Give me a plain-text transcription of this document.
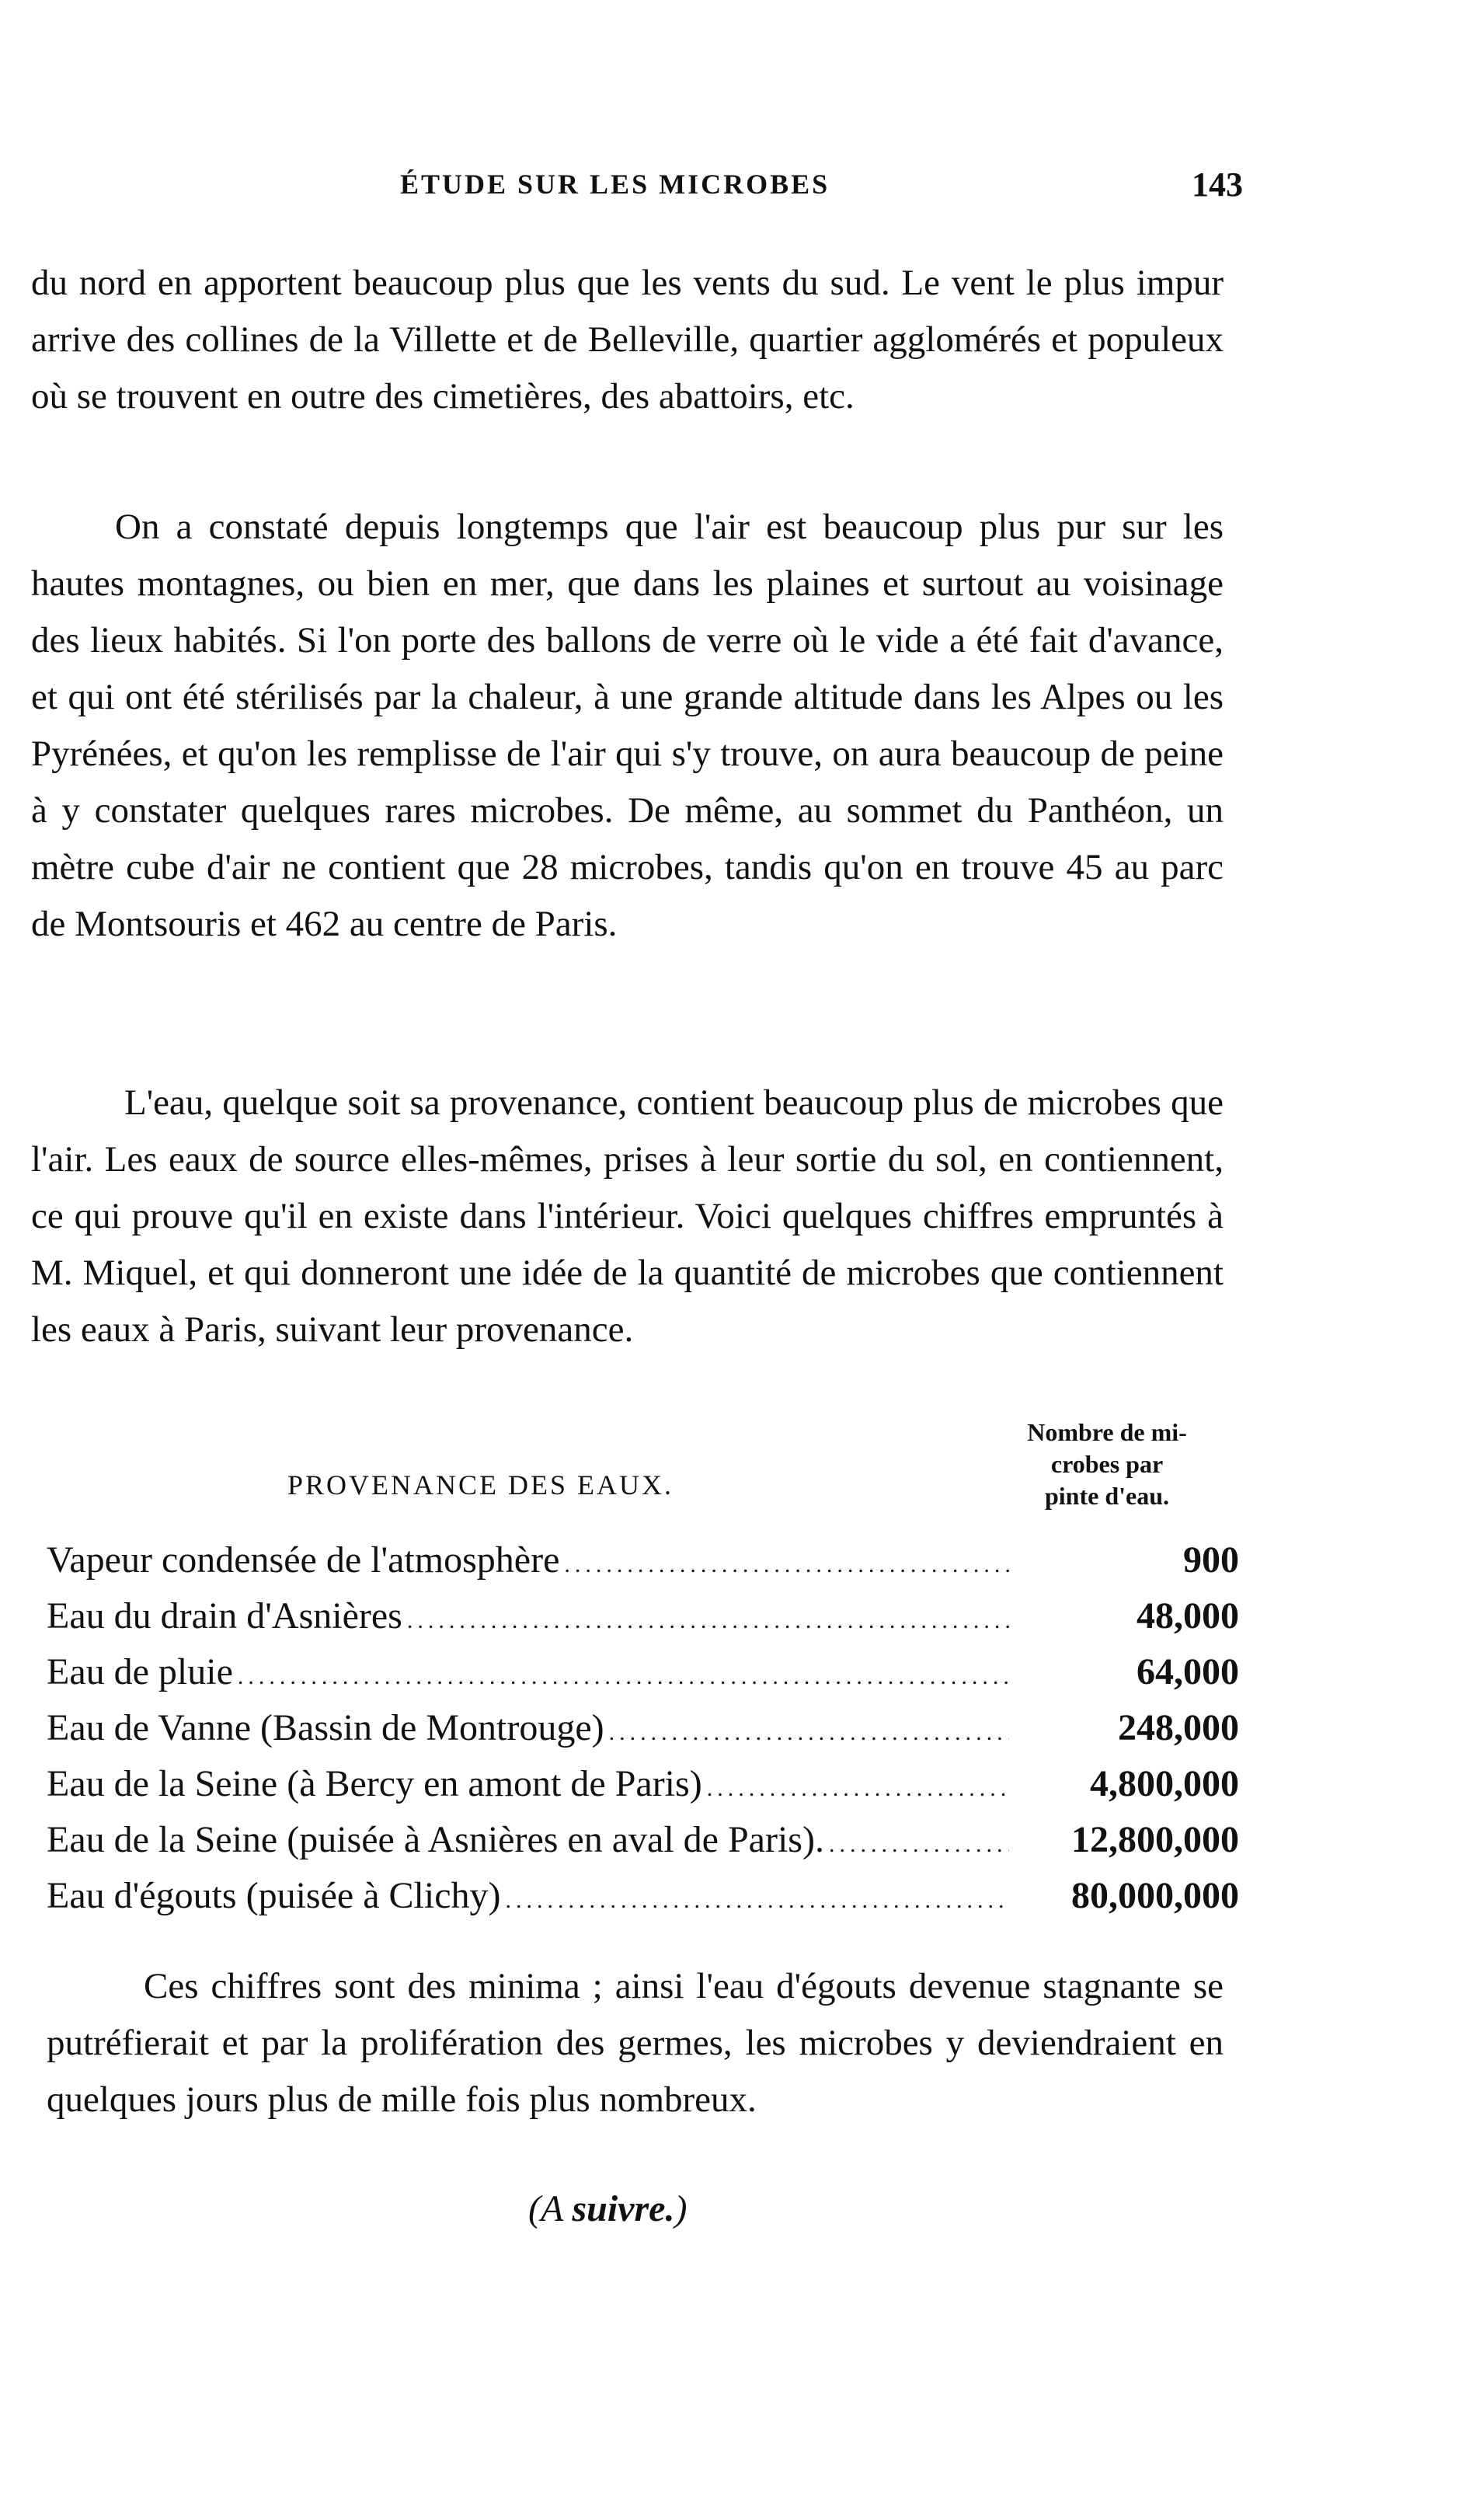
ÉTUDE SUR LES MICROBES	143

du nord en apportent beaucoup plus que les vents du sud. Le vent le plus impur arrive des collines de la Villette et de Belleville, quartier agglomérés et populeux où se trouvent en outre des cimetières, des abattoirs, etc.

On a constaté depuis longtemps que l'air est beaucoup plus pur sur les hautes montagnes, ou bien en mer, que dans les plaines et surtout au voisinage des lieux habités. Si l'on porte des ballons de verre où le vide a été fait d'avance, et qui ont été stérilisés par la chaleur, à une grande altitude dans les Alpes ou les Pyrénées, et qu'on les remplisse de l'air qui s'y trouve, on aura beaucoup de peine à y constater quelques rares microbes. De même, au sommet du Panthéon, un mètre cube d'air ne contient que 28 microbes, tandis qu'on en trouve 45 au parc de Montsouris et 462 au centre de Paris.

L'eau, quelque soit sa provenance, contient beaucoup plus de microbes que l'air. Les eaux de source elles-mêmes, prises à leur sortie du sol, en contiennent, ce qui prouve qu'il en existe dans l'intérieur. Voici quelques chiffres empruntés à M. Miquel, et qui donneront une idée de la quantité de microbes que contiennent les eaux à Paris, suivant leur provenance.

PROVENANCE DES EAUX.
Nombre de mi-
crobes par
pinte d'eau.
Vapeur condensée de l'atmosphère .....	900
Eau du drain d'Asnières .....	48,000
Eau de pluie .....	64,000
Eau de Vanne (Bassin de Montrouge) .....	248,000
Eau de la Seine (à Bercy en amont de Paris) .....	4,800,000
Eau de la Seine (puisée à Asnières en aval de Paris). .....	12,800,000
Eau d'égouts (puisée à Clichy) .....	80,000,000

Ces chiffres sont des minima ; ainsi l'eau d'égouts devenue stagnante se putréfierait et par la prolifération des germes, les microbes y deviendraient en quelques jours plus de mille fois plus nombreux.

(A suivre.)
